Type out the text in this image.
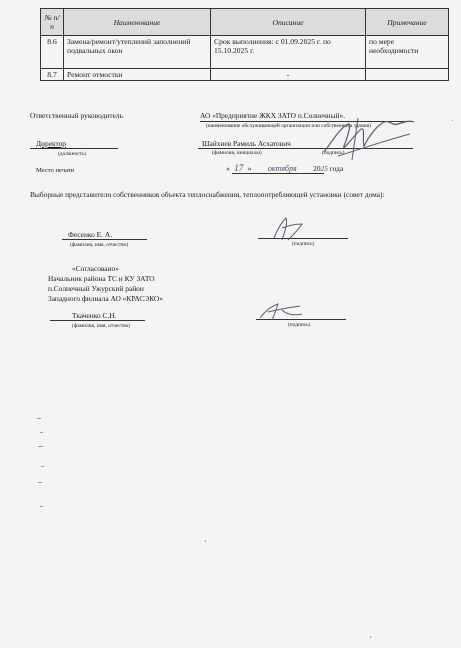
№ п/п	Наименование	Описание	Примечание
8.6	Замена/ремонт/утеплений заполнений подвальных окон	Срок выполнения: с 01.09.2025 г. по 15.10.2025 г.	по мере необходимости
8.7	Ремонт отмостки	-	
Ответственный руководитель	АО «Предприятие ЖКХ ЗАТО п.Солнечный».
(наименование обслуживающей организации или собственника здания)
Директор
(должность)
Шайхиев Рамиль Асхатович
(фамилия, инициалы)	(подпись)
Место печати	« 17 » октября 2025 года
Выборные представители собственников объекта теплоснабжения, теплопотребляющей установки (совет дома):
Фесенко Е. А.
(фамилия, имя, отчество)	(подпись)
«Согласовано»
Начальник района ТС и КУ ЗАТО
п.Солнечный Ужурский район
Западного филиала АО «КРАСЭКО»
Ткаченко С.Н.
(фамилия, имя, отчество)	(подпись)
